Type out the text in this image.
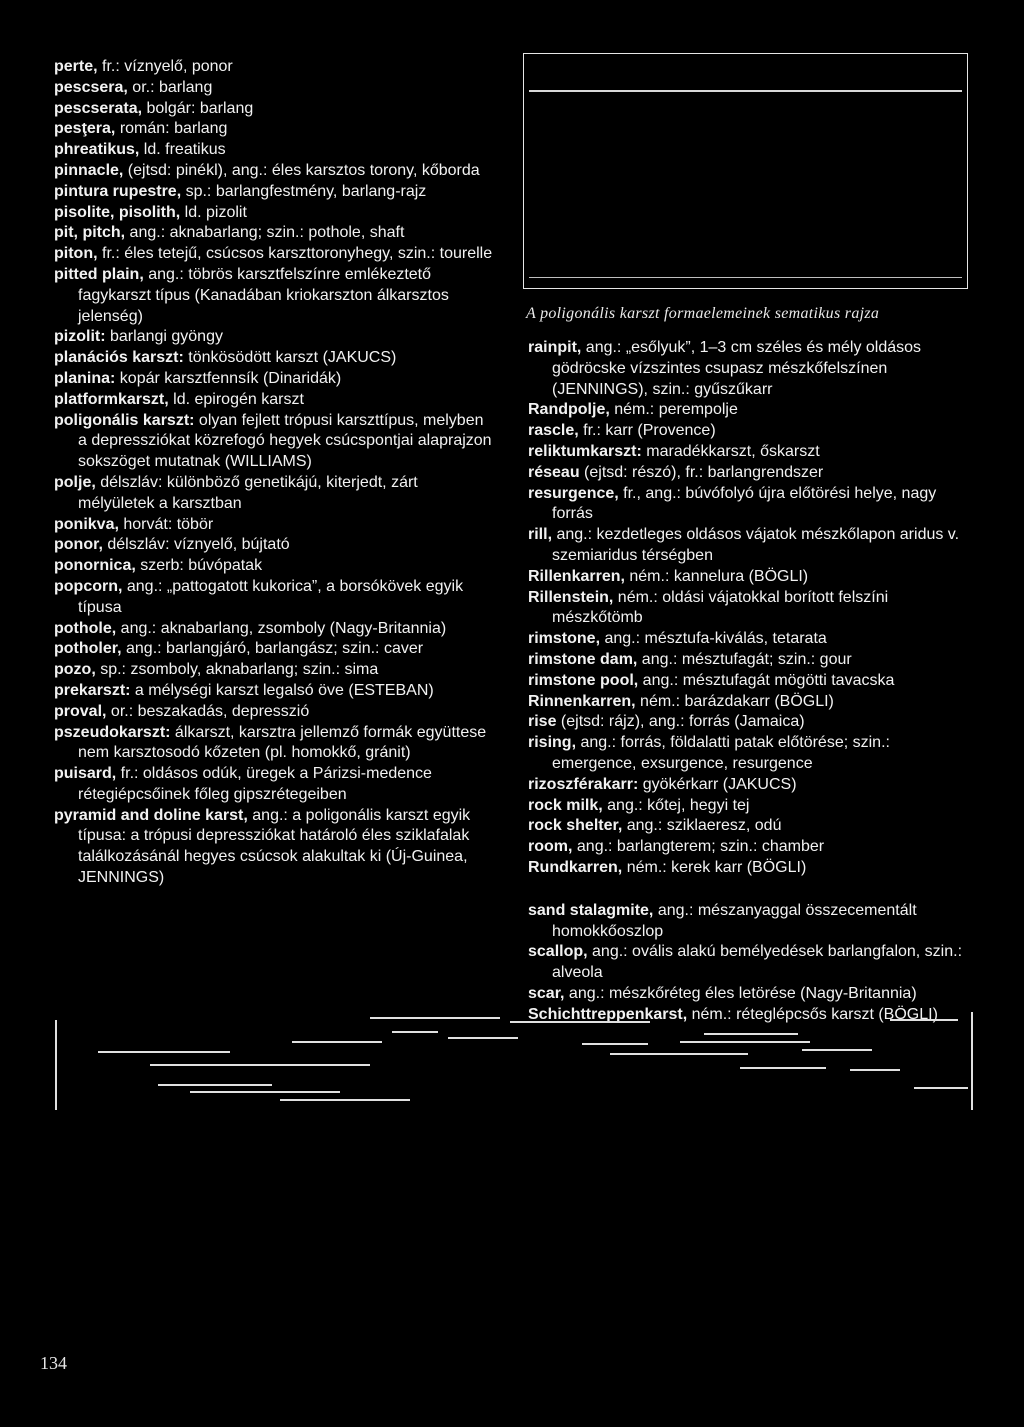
perte, fr.: víznyelő, ponor

pescsera, or.: barlang

pescserata, bolgár: barlang

pesţera, román: barlang

phreatikus, ld. freatikus

pinnacle, (ejtsd: pinékl), ang.: éles karsztos torony, kőborda

pintura rupestre, sp.: barlangfestmény, barlang-rajz

pisolite, pisolith, ld. pizolit

pit, pitch, ang.: aknabarlang; szin.: pothole, shaft

piton, fr.: éles tetejű, csúcsos karszttoronyhegy, szin.: tourelle

pitted plain, ang.: töbrös karsztfelszínre emlékeztető fagykarszt típus (Kanadában kriokarszton álkarsztos jelenség)

pizolit: barlangi gyöngy

planációs karszt: tönkösödött karszt (JAKUCS)

planina: kopár karsztfennsík (Dinaridák)

platformkarszt, ld. epirogén karszt

poligonális karszt: olyan fejlett trópusi karszttípus, melyben a depressziókat közrefogó hegyek csúcspontjai alaprajzon sokszöget mutatnak (WILLIAMS)

polje, délszláv: különböző genetikájú, kiterjedt, zárt mélyületek a karsztban

ponikva, horvát: töbör

ponor, délszláv: víznyelő, bújtató

ponornica, szerb: búvópatak

popcorn, ang.: „pattogatott kukorica”, a borsókövek egyik típusa

pothole, ang.: aknabarlang, zsomboly (Nagy-Britannia)

potholer, ang.: barlangjáró, barlangász; szin.: caver

pozo, sp.: zsomboly, aknabarlang; szin.: sima

prekarszt: a mélységi karszt legalsó öve (ESTEBAN)

proval, or.: beszakadás, depresszió

pszeudokarszt: álkarszt, karsztra jellemző formák együttese nem karsztosodó kőzeten (pl. homokkő, gránit)

puisard, fr.: oldásos odúk, üregek a Párizsi-medence rétegiépcsőinek főleg gipszrétegeiben

pyramid and doline karst, ang.: a poligonális karszt egyik típusa: a trópusi depressziókat határoló éles sziklafalak találkozásánál hegyes csúcsok alakultak ki (Új-Guinea, JENNINGS)

A poligonális karszt formaelemeinek sematikus rajza

rainpit, ang.: „esőlyuk”, 1–3 cm széles és mély oldásos gödröcske vízszintes csupasz mészkőfelszínen (JENNINGS), szin.: gyűszűkarr

Randpolje, ném.: perempolje

rascle, fr.: karr (Provence)

reliktumkarszt: maradékkarszt, őskarszt

réseau (ejtsd: részó), fr.: barlangrendszer

resurgence, fr., ang.: búvófolyó újra előtörési helye, nagy forrás

rill, ang.: kezdetleges oldásos vájatok mészkőlapon aridus v. szemiaridus térségben

Rillenkarren, ném.: kannelura (BÖGLI)

Rillenstein, ném.: oldási vájatokkal borított felszíni mészkőtömb

rimstone, ang.: mésztufa-kiválás, tetarata

rimstone dam, ang.: mésztufagát; szin.: gour

rimstone pool, ang.: mésztufagát mögötti tavacska

Rinnenkarren, ném.: barázdakarr (BÖGLI)

rise (ejtsd: rájz), ang.: forrás (Jamaica)

rising, ang.: forrás, földalatti patak előtörése; szin.: emergence, exsurgence, resurgence

rizoszférakarr: gyökérkarr (JAKUCS)

rock milk, ang.: kőtej, hegyi tej

rock shelter, ang.: sziklaeresz, odú

room, ang.: barlangterem; szin.: chamber

Rundkarren, ném.: kerek karr (BÖGLI)

sand stalagmite, ang.: mészanyaggal összecementált homokkőoszlop

scallop, ang.: ovális alakú bemélyedések barlangfalon, szin.: alveola

scar, ang.: mészkőréteg éles letörése (Nagy-Britannia)

Schichttreppenkarst, ném.: réteglépcsős karszt (BÖGLI)

134
